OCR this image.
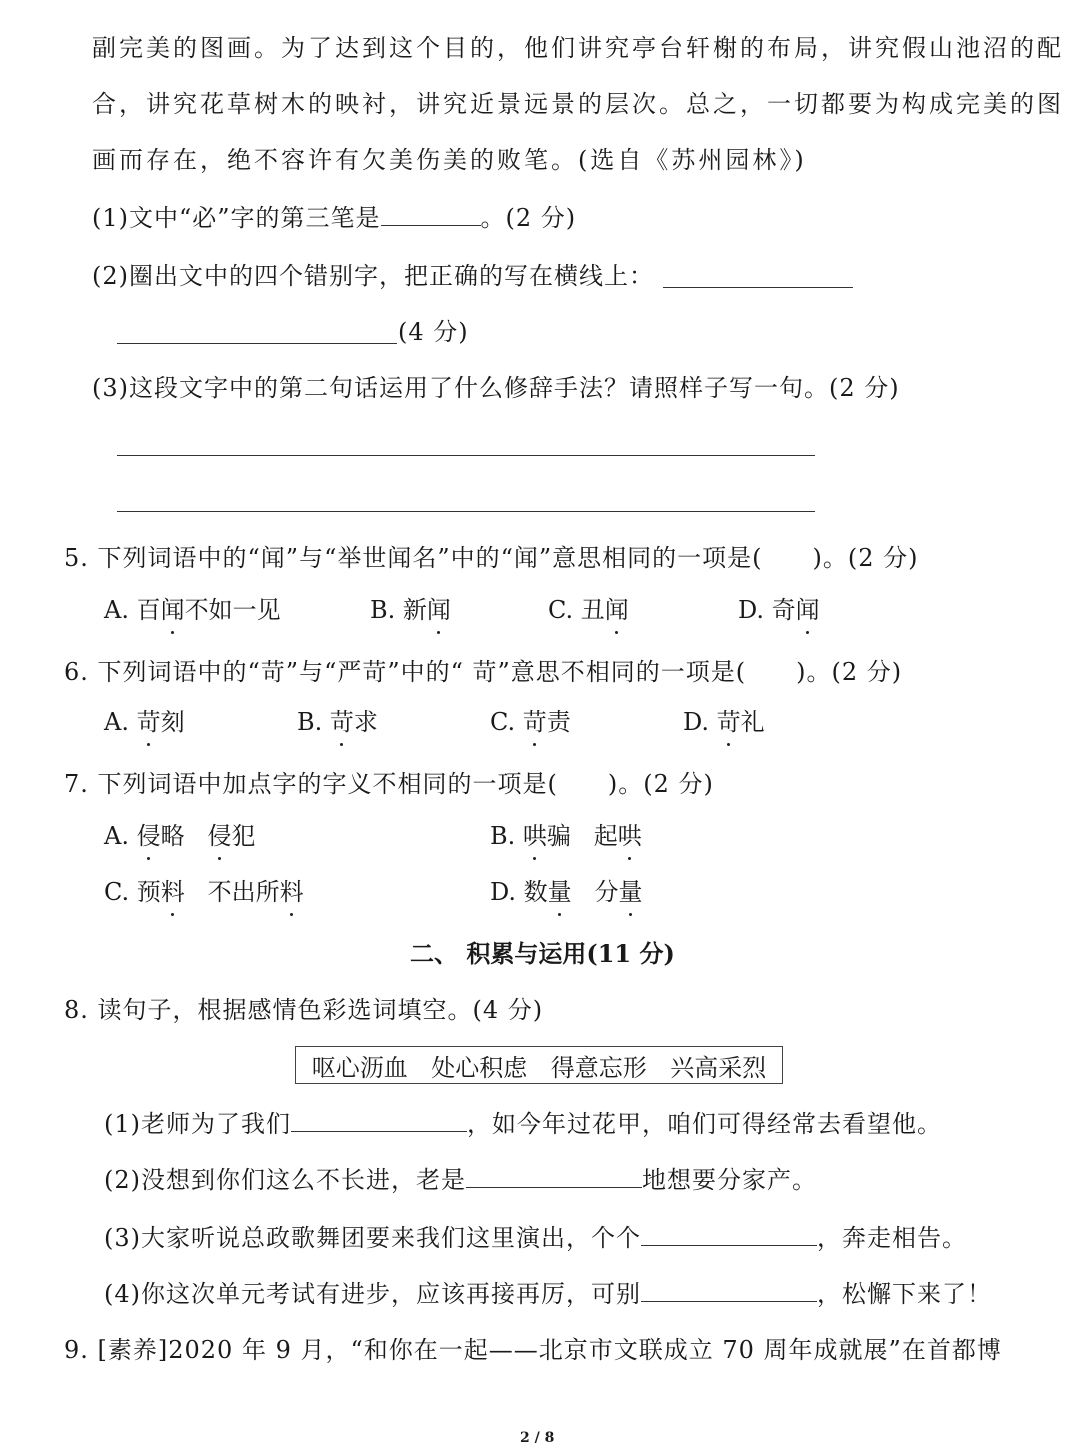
副完美的图画。为了达到这个目的，他们讲究亭台轩榭的布局，讲究假山池沼的配
合，讲究花草树木的映衬，讲究近景远景的层次。总之，一切都要为构成完美的图
画而存在，绝不容许有欠美伤美的败笔。(选自《苏州园林》)
(1)文中“必”字的第三笔是	。(2 分)
(2)圈出文中的四个错别字，把正确的写在横线上：
(4 分)
(3)这段文字中的第二句话运用了什么修辞手法？请照样子写一句。(2 分)
5. 下列词语中的“闻”与“举世闻名”中的“闻”意思相同的一项是(　　)。(2 分)
A. 百闻不如一见	B. 新闻	C. 丑闻	D. 奇闻
6. 下列词语中的“苛”与“严苛”中的“ 苛”意思不相同的一项是(　　)。(2 分)
A. 苛刻	B. 苛求	C. 苛责	D. 苛礼
7. 下列词语中加点字的字义不相同的一项是(　　)。(2 分)
A. 侵略 侵犯	B. 哄骗 起哄
C. 预料 不出所料	D. 数量 分量
二、 积累与运用(11 分)
8. 读句子，根据感情色彩选词填空。(4 分)
呕心沥血 处心积虑 得意忘形 兴高采烈
(1)老师为了我们	，如今年过花甲，咱们可得经常去看望他。
(2)没想到你们这么不长进，老是	地想要分家产。
(3)大家听说总政歌舞团要来我们这里演出，个个	，奔走相告。
(4)你这次单元考试有进步，应该再接再厉，可别	，松懈下来了！
9. [素养]2020 年 9 月，“和你在一起——北京市文联成立 70 周年成就展”在首都博
2 / 8
